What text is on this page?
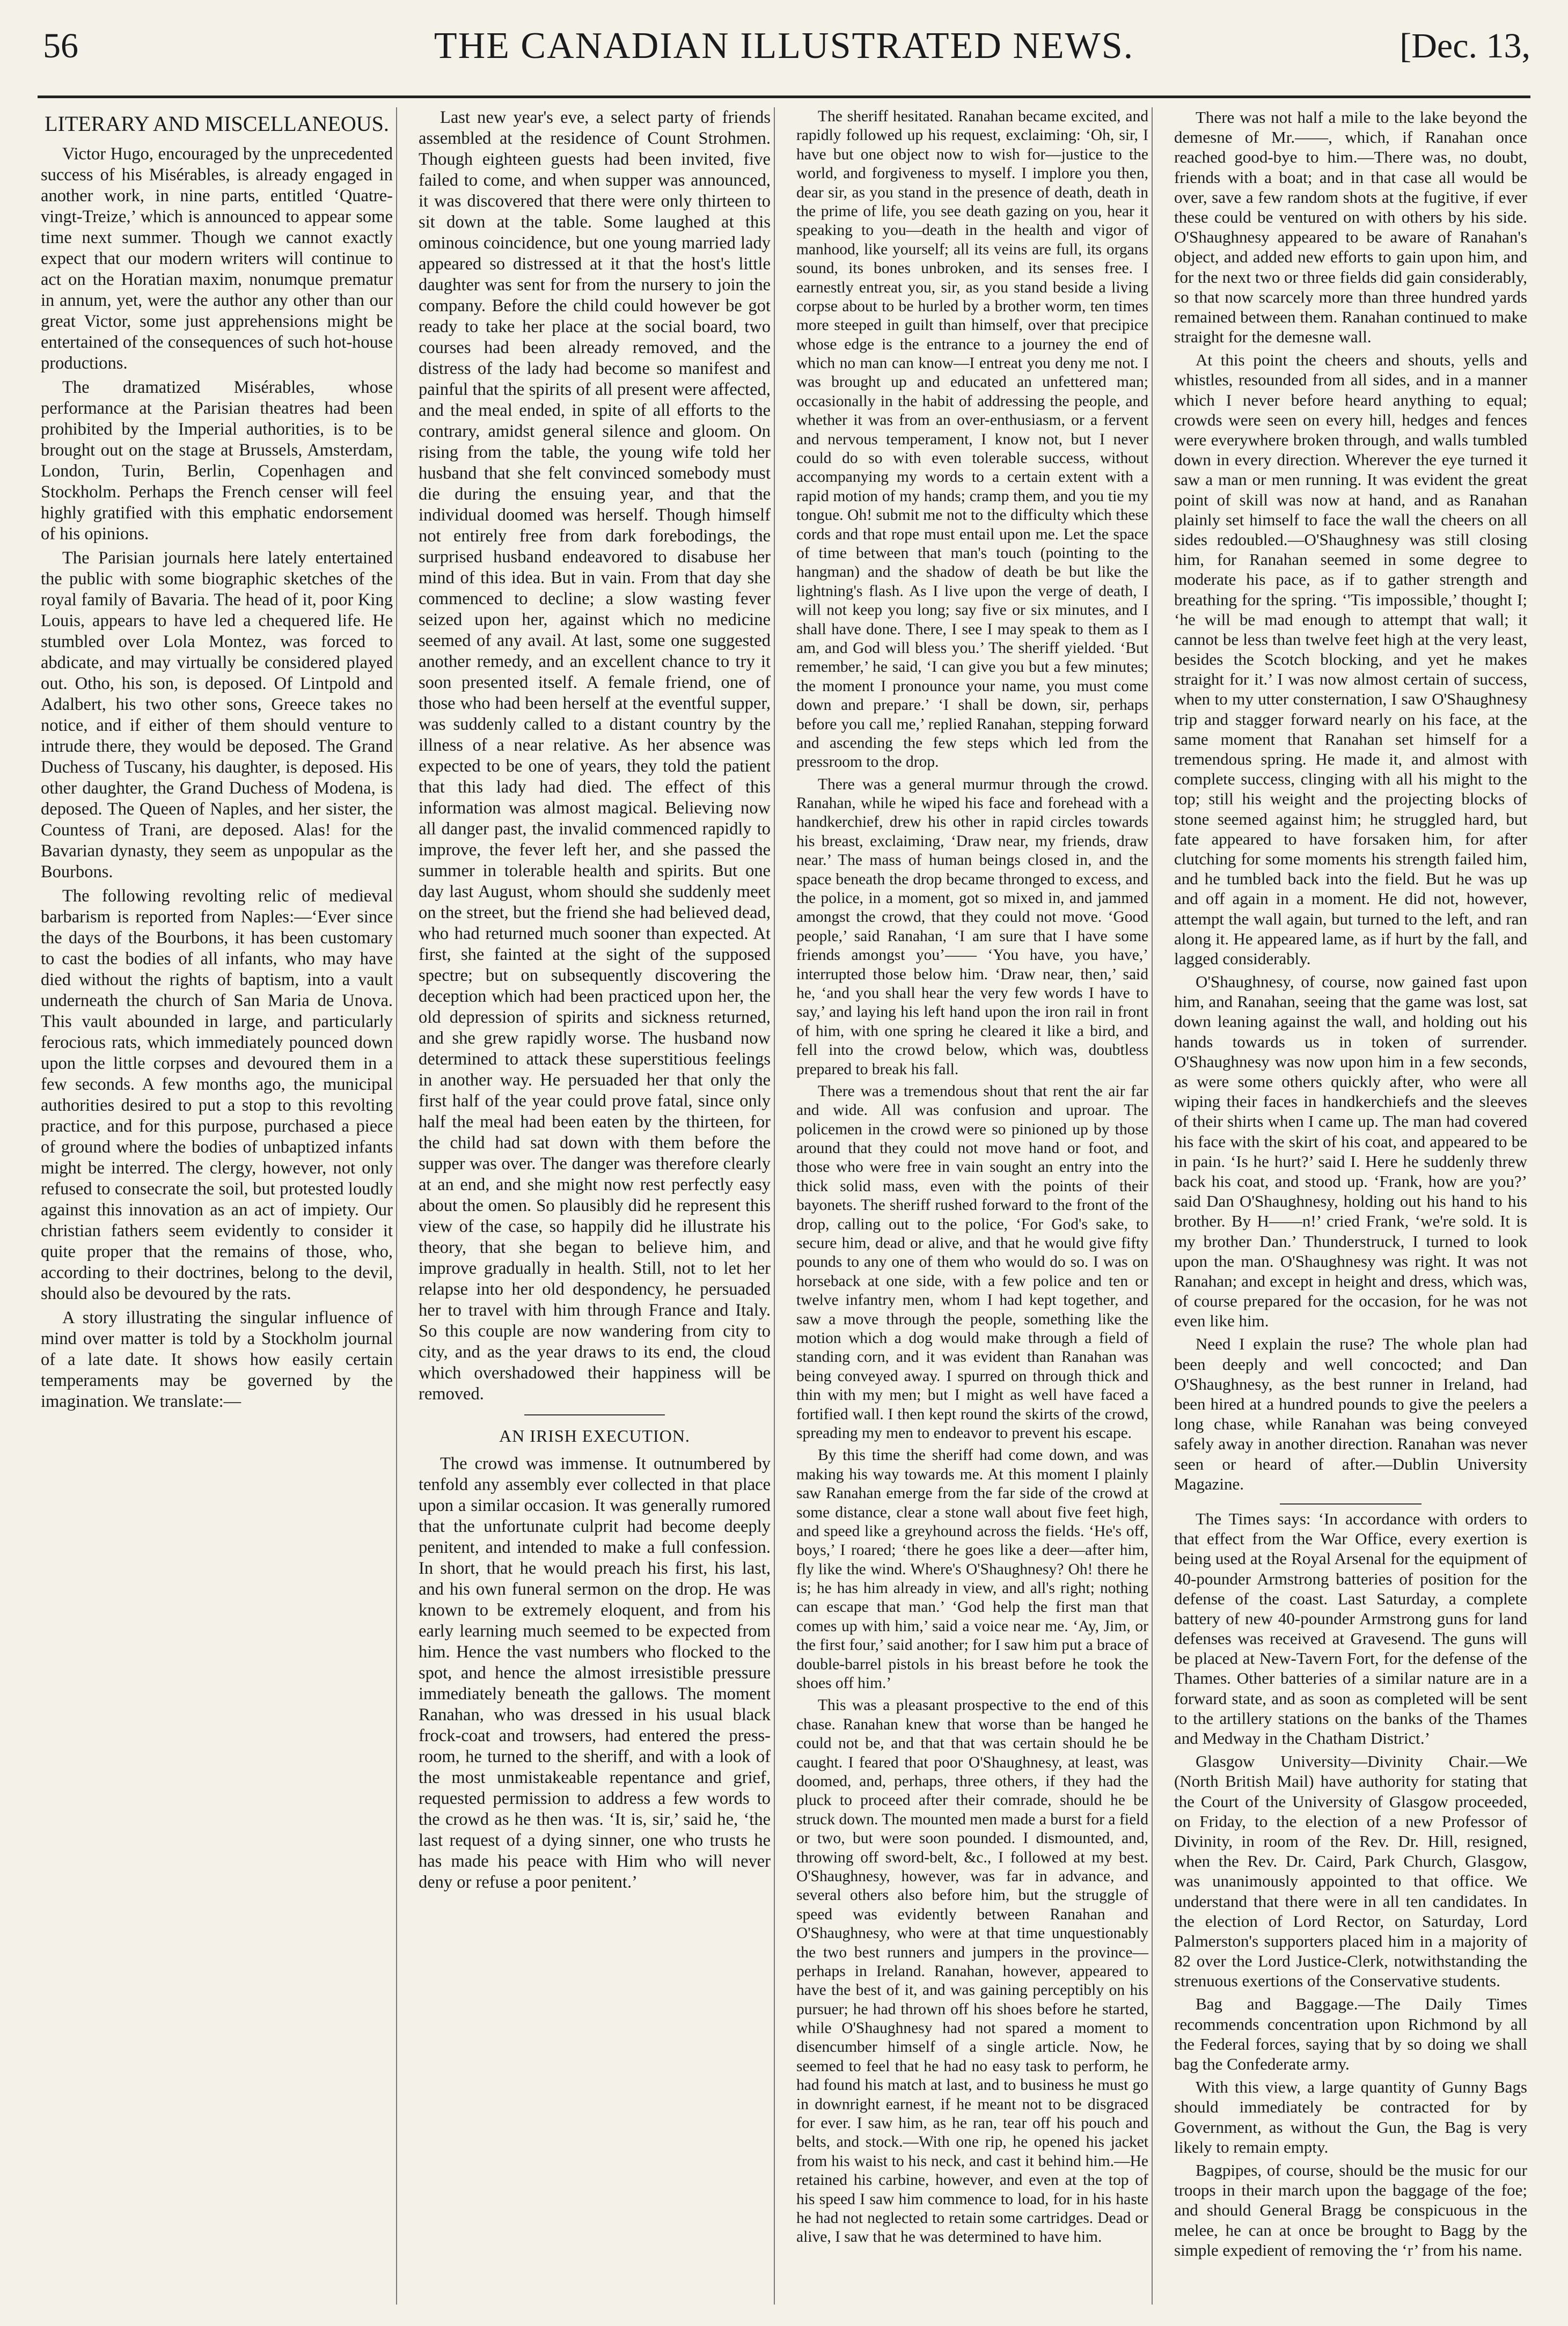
56	THE CANADIAN ILLUSTRATED NEWS.	[Dec. 13,
LITERARY AND MISCELLANEOUS.

Victor Hugo, encouraged by the unprecedented success of his Misérables, is already engaged in another work, in nine parts, entitled ‘Quatre-vingt-Treize,’ which is announced to appear some time next summer. Though we cannot exactly expect that our modern writers will continue to act on the Horatian maxim, nonumque prematur in annum, yet, were the author any other than our great Victor, some just apprehensions might be entertained of the consequences of such hot-house productions.

The dramatized Misérables, whose performance at the Parisian theatres had been prohibited by the Imperial authorities, is to be brought out on the stage at Brussels, Amsterdam, London, Turin, Berlin, Copenhagen and Stockholm. Perhaps the French censer will feel highly gratified with this emphatic endorsement of his opinions.

The Parisian journals here lately entertained the public with some biographic sketches of the royal family of Bavaria. The head of it, poor King Louis, appears to have led a chequered life. He stumbled over Lola Montez, was forced to abdicate, and may virtually be considered played out. Otho, his son, is deposed. Of Lintpold and Adalbert, his two other sons, Greece takes no notice, and if either of them should venture to intrude there, they would be deposed. The Grand Duchess of Tuscany, his daughter, is deposed. His other daughter, the Grand Duchess of Modena, is deposed. The Queen of Naples, and her sister, the Countess of Trani, are deposed. Alas! for the Bavarian dynasty, they seem as unpopular as the Bourbons.

The following revolting relic of medieval barbarism is reported from Naples:—‘Ever since the days of the Bourbons, it has been customary to cast the bodies of all infants, who may have died without the rights of baptism, into a vault underneath the church of San Maria de Unova. This vault abounded in large, and particularly ferocious rats, which immediately pounced down upon the little corpses and devoured them in a few seconds. A few months ago, the municipal authorities desired to put a stop to this revolting practice, and for this purpose, purchased a piece of ground where the bodies of unbaptized infants might be interred. The clergy, however, not only refused to consecrate the soil, but protested loudly against this innovation as an act of impiety. Our christian fathers seem evidently to consider it quite proper that the remains of those, who, according to their doctrines, belong to the devil, should also be devoured by the rats.

A story illustrating the singular influence of mind over matter is told by a Stockholm journal of a late date. It shows how easily certain temperaments may be governed by the imagination. We translate:—

Last new year's eve, a select party of friends assembled at the residence of Count Strohmen. Though eighteen guests had been invited, five failed to come, and when supper was announced, it was discovered that there were only thirteen to sit down at the table. Some laughed at this ominous coincidence, but one young married lady appeared so distressed at it that the host's little daughter was sent for from the nursery to join the company. Before the child could however be got ready to take her place at the social board, two courses had been already removed, and the distress of the lady had become so manifest and painful that the spirits of all present were affected, and the meal ended, in spite of all efforts to the contrary, amidst general silence and gloom. On rising from the table, the young wife told her husband that she felt convinced somebody must die during the ensuing year, and that the individual doomed was herself. Though himself not entirely free from dark forebodings, the surprised husband endeavored to disabuse her mind of this idea. But in vain. From that day she commenced to decline; a slow wasting fever seized upon her, against which no medicine seemed of any avail. At last, some one suggested another remedy, and an excellent chance to try it soon presented itself. A female friend, one of those who had been herself at the eventful supper, was suddenly called to a distant country by the illness of a near relative. As her absence was expected to be one of years, they told the patient that this lady had died. The effect of this information was almost magical. Believing now all danger past, the invalid commenced rapidly to improve, the fever left her, and she passed the summer in tolerable health and spirits. But one day last August, whom should she suddenly meet on the street, but the friend she had believed dead, who had returned much sooner than expected. At first, she fainted at the sight of the supposed spectre; but on subsequently discovering the deception which had been practiced upon her, the old depression of spirits and sickness returned, and she grew rapidly worse. The husband now determined to attack these superstitious feelings in another way. He persuaded her that only the first half of the year could prove fatal, since only half the meal had been eaten by the thirteen, for the child had sat down with them before the supper was over. The danger was therefore clearly at an end, and she might now rest perfectly easy about the omen. So plausibly did he represent this view of the case, so happily did he illustrate his theory, that she began to believe him, and improve gradually in health. Still, not to let her relapse into her old despondency, he persuaded her to travel with him through France and Italy. So this couple are now wandering from city to city, and as the year draws to its end, the cloud which overshadowed their happiness will be removed.

AN IRISH EXECUTION.

The crowd was immense. It outnumbered by tenfold any assembly ever collected in that place upon a similar occasion. It was generally rumored that the unfortunate culprit had become deeply penitent, and intended to make a full confession. In short, that he would preach his first, his last, and his own funeral sermon on the drop. He was known to be extremely eloquent, and from his early learning much seemed to be expected from him. Hence the vast numbers who flocked to the spot, and hence the almost irresistible pressure immediately beneath the gallows. The moment Ranahan, who was dressed in his usual black frock-coat and trowsers, had entered the press-room, he turned to the sheriff, and with a look of the most unmistakeable repentance and grief, requested permission to address a few words to the crowd as he then was. ‘It is, sir,’ said he, ‘the last request of a dying sinner, one who trusts he has made his peace with Him who will never deny or refuse a poor penitent.’

The sheriff hesitated. Ranahan became excited, and rapidly followed up his request, exclaiming: ‘Oh, sir, I have but one object now to wish for—justice to the world, and forgiveness to myself. I implore you then, dear sir, as you stand in the presence of death, death in the prime of life, you see death gazing on you, hear it speaking to you—death in the health and vigor of manhood, like yourself; all its veins are full, its organs sound, its bones unbroken, and its senses free. I earnestly entreat you, sir, as you stand beside a living corpse about to be hurled by a brother worm, ten times more steeped in guilt than himself, over that precipice whose edge is the entrance to a journey the end of which no man can know—I entreat you deny me not. I was brought up and educated an unfettered man; occasionally in the habit of addressing the people, and whether it was from an over-enthusiasm, or a fervent and nervous temperament, I know not, but I never could do so with even tolerable success, without accompanying my words to a certain extent with a rapid motion of my hands; cramp them, and you tie my tongue. Oh! submit me not to the difficulty which these cords and that rope must entail upon me. Let the space of time between that man's touch (pointing to the hangman) and the shadow of death be but like the lightning's flash. As I live upon the verge of death, I will not keep you long; say five or six minutes, and I shall have done. There, I see I may speak to them as I am, and God will bless you.’ The sheriff yielded. ‘But remember,’ he said, ‘I can give you but a few minutes; the moment I pronounce your name, you must come down and prepare.’ ‘I shall be down, sir, perhaps before you call me,’ replied Ranahan, stepping forward and ascending the few steps which led from the pressroom to the drop.

There was a general murmur through the crowd. Ranahan, while he wiped his face and forehead with a handkerchief, drew his other in rapid circles towards his breast, exclaiming, ‘Draw near, my friends, draw near.’ The mass of human beings closed in, and the space beneath the drop became thronged to excess, and the police, in a moment, got so mixed in, and jammed amongst the crowd, that they could not move. ‘Good people,’ said Ranahan, ‘I am sure that I have some friends amongst you’—— ‘You have, you have,’ interrupted those below him. ‘Draw near, then,’ said he, ‘and you shall hear the very few words I have to say,’ and laying his left hand upon the iron rail in front of him, with one spring he cleared it like a bird, and fell into the crowd below, which was, doubtless prepared to break his fall.

There was a tremendous shout that rent the air far and wide. All was confusion and uproar. The policemen in the crowd were so pinioned up by those around that they could not move hand or foot, and those who were free in vain sought an entry into the thick solid mass, even with the points of their bayonets. The sheriff rushed forward to the front of the drop, calling out to the police, ‘For God's sake, to secure him, dead or alive, and that he would give fifty pounds to any one of them who would do so. I was on horseback at one side, with a few police and ten or twelve infantry men, whom I had kept together, and saw a move through the people, something like the motion which a dog would make through a field of standing corn, and it was evident than Ranahan was being conveyed away. I spurred on through thick and thin with my men; but I might as well have faced a fortified wall. I then kept round the skirts of the crowd, spreading my men to endeavor to prevent his escape.

By this time the sheriff had come down, and was making his way towards me. At this moment I plainly saw Ranahan emerge from the far side of the crowd at some distance, clear a stone wall about five feet high, and speed like a greyhound across the fields. ‘He's off, boys,’ I roared; ‘there he goes like a deer—after him, fly like the wind. Where's O'Shaughnesy? Oh! there he is; he has him already in view, and all's right; nothing can escape that man.’ ‘God help the first man that comes up with him,’ said a voice near me. ‘Ay, Jim, or the first four,’ said another; for I saw him put a brace of double-barrel pistols in his breast before he took the shoes off him.’

This was a pleasant prospective to the end of this chase. Ranahan knew that worse than be hanged he could not be, and that that was certain should he be caught. I feared that poor O'Shaughnesy, at least, was doomed, and, perhaps, three others, if they had the pluck to proceed after their comrade, should he be struck down. The mounted men made a burst for a field or two, but were soon pounded. I dismounted, and, throwing off sword-belt, &c., I followed at my best. O'Shaughnesy, however, was far in advance, and several others also before him, but the struggle of speed was evidently between Ranahan and O'Shaughnesy, who were at that time unquestionably the two best runners and jumpers in the province—perhaps in Ireland. Ranahan, however, appeared to have the best of it, and was gaining perceptibly on his pursuer; he had thrown off his shoes before he started, while O'Shaughnesy had not spared a moment to disencumber himself of a single article. Now, he seemed to feel that he had no easy task to perform, he had found his match at last, and to business he must go in downright earnest, if he meant not to be disgraced for ever. I saw him, as he ran, tear off his pouch and belts, and stock.—With one rip, he opened his jacket from his waist to his neck, and cast it behind him.—He retained his carbine, however, and even at the top of his speed I saw him commence to load, for in his haste he had not neglected to retain some cartridges. Dead or alive, I saw that he was determined to have him.

There was not half a mile to the lake beyond the demesne of Mr.——, which, if Ranahan once reached good-bye to him.—There was, no doubt, friends with a boat; and in that case all would be over, save a few random shots at the fugitive, if ever these could be ventured on with others by his side. O'Shaughnesy appeared to be aware of Ranahan's object, and added new efforts to gain upon him, and for the next two or three fields did gain considerably, so that now scarcely more than three hundred yards remained between them. Ranahan continued to make straight for the demesne wall.

At this point the cheers and shouts, yells and whistles, resounded from all sides, and in a manner which I never before heard anything to equal; crowds were seen on every hill, hedges and fences were everywhere broken through, and walls tumbled down in every direction. Wherever the eye turned it saw a man or men running. It was evident the great point of skill was now at hand, and as Ranahan plainly set himself to face the wall the cheers on all sides redoubled.—O'Shaughnesy was still closing him, for Ranahan seemed in some degree to moderate his pace, as if to gather strength and breathing for the spring. ‘'Tis impossible,’ thought I; ‘he will be mad enough to attempt that wall; it cannot be less than twelve feet high at the very least, besides the Scotch blocking, and yet he makes straight for it.’ I was now almost certain of success, when to my utter consternation, I saw O'Shaughnesy trip and stagger forward nearly on his face, at the same moment that Ranahan set himself for a tremendous spring. He made it, and almost with complete success, clinging with all his might to the top; still his weight and the projecting blocks of stone seemed against him; he struggled hard, but fate appeared to have forsaken him, for after clutching for some moments his strength failed him, and he tumbled back into the field. But he was up and off again in a moment. He did not, however, attempt the wall again, but turned to the left, and ran along it. He appeared lame, as if hurt by the fall, and lagged considerably.

O'Shaughnesy, of course, now gained fast upon him, and Ranahan, seeing that the game was lost, sat down leaning against the wall, and holding out his hands towards us in token of surrender. O'Shaughnesy was now upon him in a few seconds, as were some others quickly after, who were all wiping their faces in handkerchiefs and the sleeves of their shirts when I came up. The man had covered his face with the skirt of his coat, and appeared to be in pain. ‘Is he hurt?’ said I. Here he suddenly threw back his coat, and stood up. ‘Frank, how are you?’ said Dan O'Shaughnesy, holding out his hand to his brother. By H——n!’ cried Frank, ‘we're sold. It is my brother Dan.’ Thunderstruck, I turned to look upon the man. O'Shaughnesy was right. It was not Ranahan; and except in height and dress, which was, of course prepared for the occasion, for he was not even like him.

Need I explain the ruse? The whole plan had been deeply and well concocted; and Dan O'Shaughnesy, as the best runner in Ireland, had been hired at a hundred pounds to give the peelers a long chase, while Ranahan was being conveyed safely away in another direction. Ranahan was never seen or heard of after.—Dublin University Magazine.

The Times says: ‘In accordance with orders to that effect from the War Office, every exertion is being used at the Royal Arsenal for the equipment of 40-pounder Armstrong batteries of position for the defense of the coast. Last Saturday, a complete battery of new 40-pounder Armstrong guns for land defenses was received at Gravesend. The guns will be placed at New-Tavern Fort, for the defense of the Thames. Other batteries of a similar nature are in a forward state, and as soon as completed will be sent to the artillery stations on the banks of the Thames and Medway in the Chatham District.’

Glasgow University—Divinity Chair.—We (North British Mail) have authority for stating that the Court of the University of Glasgow proceeded, on Friday, to the election of a new Professor of Divinity, in room of the Rev. Dr. Hill, resigned, when the Rev. Dr. Caird, Park Church, Glasgow, was unanimously appointed to that office. We understand that there were in all ten candidates. In the election of Lord Rector, on Saturday, Lord Palmerston's supporters placed him in a majority of 82 over the Lord Justice-Clerk, notwithstanding the strenuous exertions of the Conservative students.

Bag and Baggage.—The Daily Times recommends concentration upon Richmond by all the Federal forces, saying that by so doing we shall bag the Confederate army.

With this view, a large quantity of Gunny Bags should immediately be contracted for by Government, as without the Gun, the Bag is very likely to remain empty.

Bagpipes, of course, should be the music for our troops in their march upon the baggage of the foe; and should General Bragg be conspicuous in the melee, he can at once be brought to Bagg by the simple expedient of removing the ‘r’ from his name.
